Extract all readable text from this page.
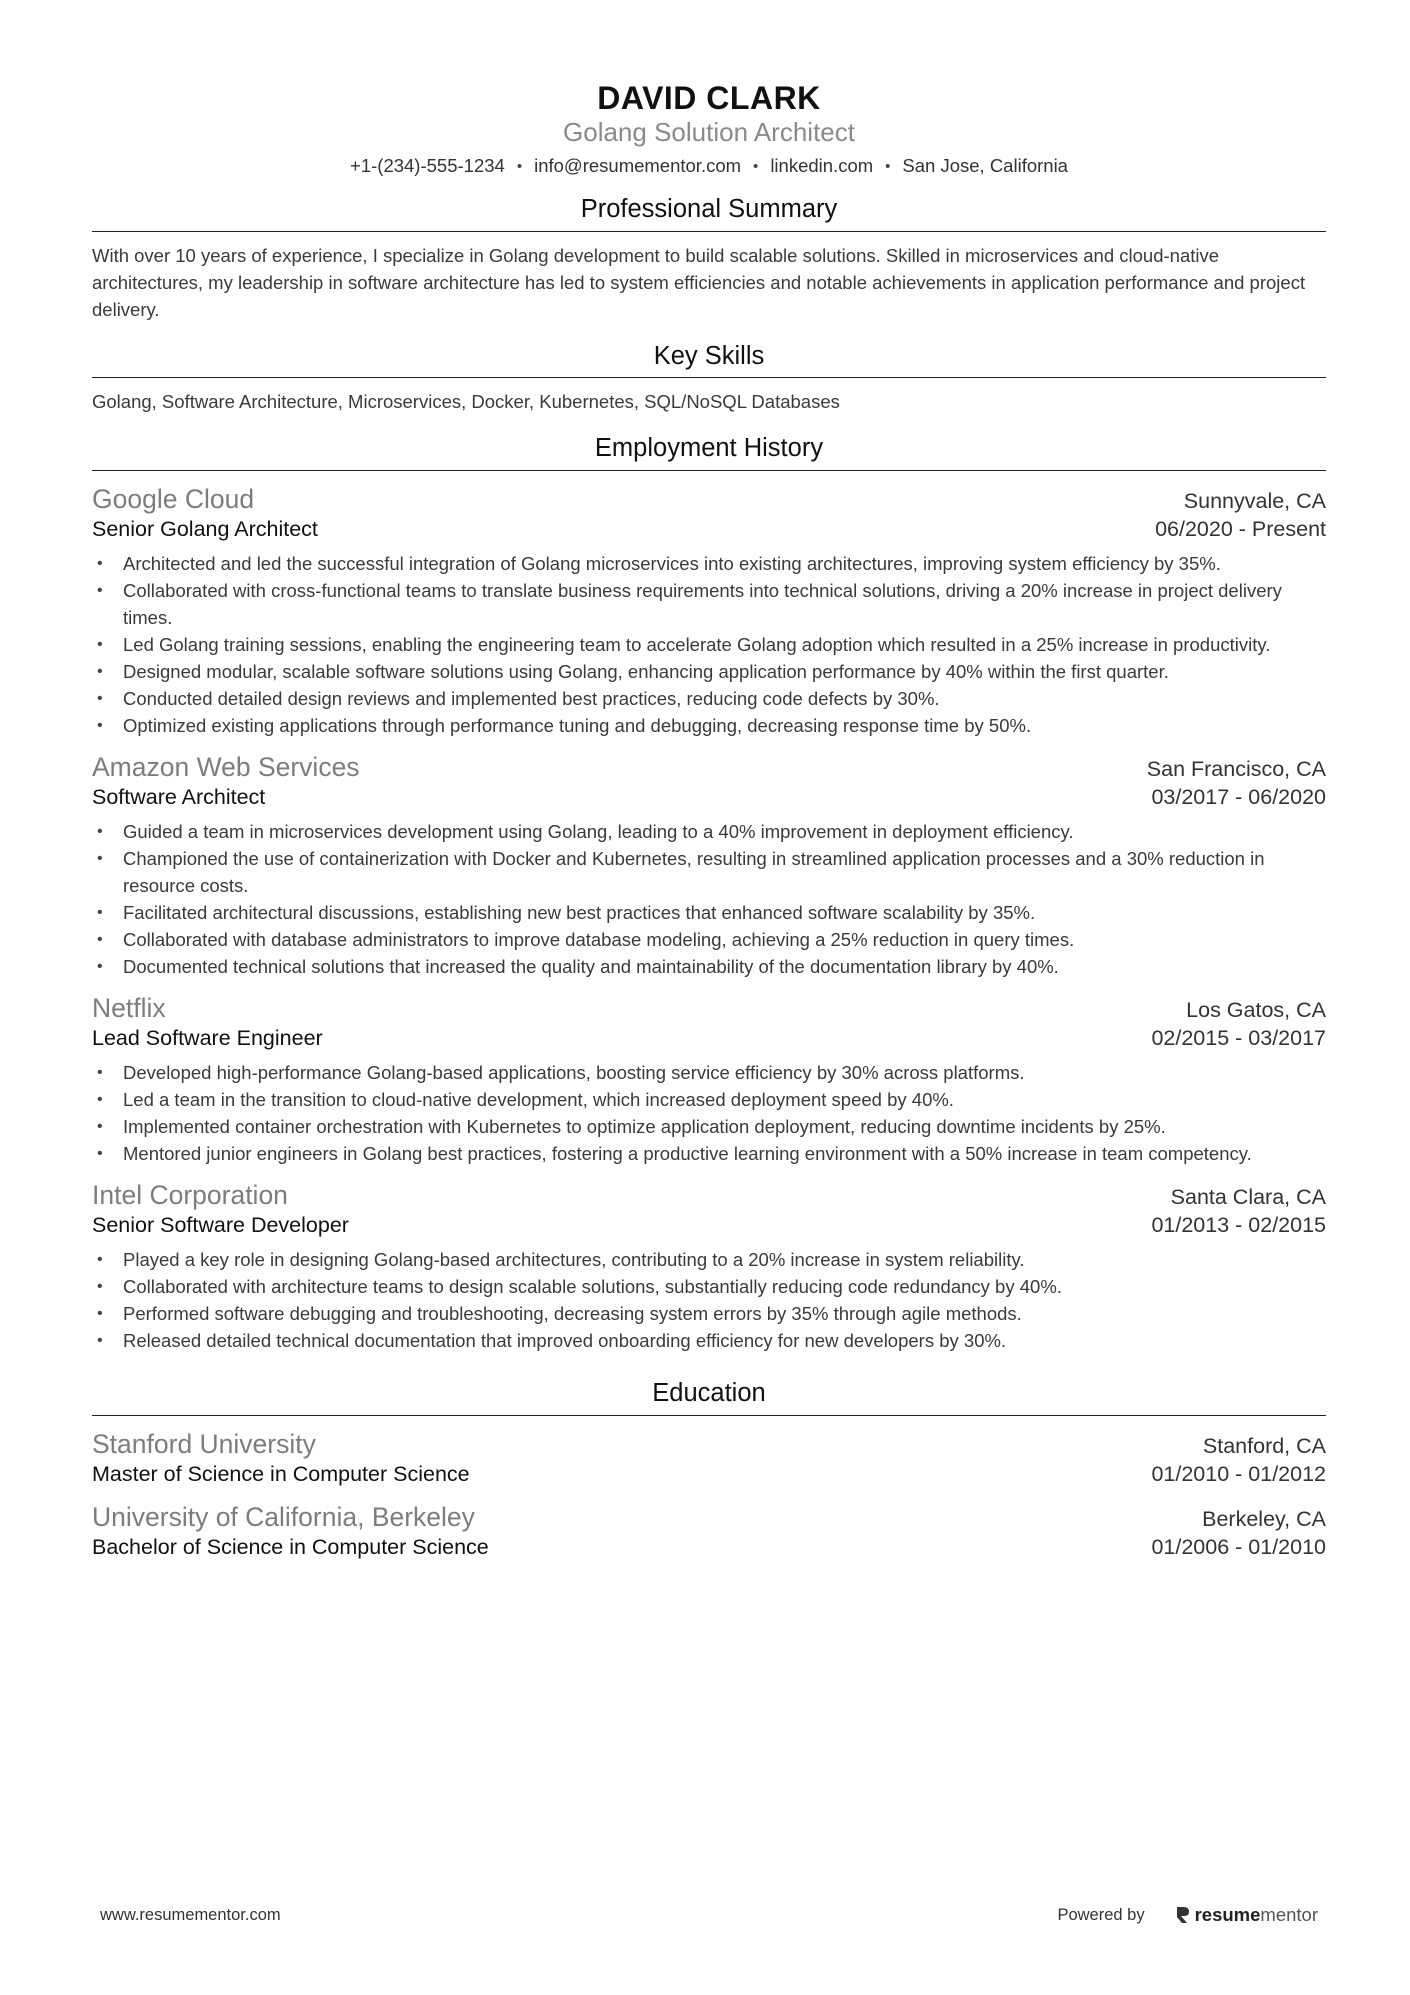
DAVID CLARK
Golang Solution Architect
+1-(234)-555-1234 • info@resumementor.com • linkedin.com • San Jose, California
Professional Summary
With over 10 years of experience, I specialize in Golang development to build scalable solutions. Skilled in microservices and cloud-native architectures, my leadership in software architecture has led to system efficiencies and notable achievements in application performance and project delivery.
Key Skills
Golang, Software Architecture, Microservices, Docker, Kubernetes, SQL/NoSQL Databases
Employment History
Google Cloud	Sunnyvale, CA
Senior Golang Architect	06/2020 - Present
• Architected and led the successful integration of Golang microservices into existing architectures, improving system efficiency by 35%.
• Collaborated with cross-functional teams to translate business requirements into technical solutions, driving a 20% increase in project delivery times.
• Led Golang training sessions, enabling the engineering team to accelerate Golang adoption which resulted in a 25% increase in productivity.
• Designed modular, scalable software solutions using Golang, enhancing application performance by 40% within the first quarter.
• Conducted detailed design reviews and implemented best practices, reducing code defects by 30%.
• Optimized existing applications through performance tuning and debugging, decreasing response time by 50%.
Amazon Web Services	San Francisco, CA
Software Architect	03/2017 - 06/2020
• Guided a team in microservices development using Golang, leading to a 40% improvement in deployment efficiency.
• Championed the use of containerization with Docker and Kubernetes, resulting in streamlined application processes and a 30% reduction in resource costs.
• Facilitated architectural discussions, establishing new best practices that enhanced software scalability by 35%.
• Collaborated with database administrators to improve database modeling, achieving a 25% reduction in query times.
• Documented technical solutions that increased the quality and maintainability of the documentation library by 40%.
Netflix	Los Gatos, CA
Lead Software Engineer	02/2015 - 03/2017
• Developed high-performance Golang-based applications, boosting service efficiency by 30% across platforms.
• Led a team in the transition to cloud-native development, which increased deployment speed by 40%.
• Implemented container orchestration with Kubernetes to optimize application deployment, reducing downtime incidents by 25%.
• Mentored junior engineers in Golang best practices, fostering a productive learning environment with a 50% increase in team competency.
Intel Corporation	Santa Clara, CA
Senior Software Developer	01/2013 - 02/2015
• Played a key role in designing Golang-based architectures, contributing to a 20% increase in system reliability.
• Collaborated with architecture teams to design scalable solutions, substantially reducing code redundancy by 40%.
• Performed software debugging and troubleshooting, decreasing system errors by 35% through agile methods.
• Released detailed technical documentation that improved onboarding efficiency for new developers by 30%.
Education
Stanford University	Stanford, CA
Master of Science in Computer Science	01/2010 - 01/2012
University of California, Berkeley	Berkeley, CA
Bachelor of Science in Computer Science	01/2006 - 01/2010
www.resumementor.com	Powered by	resume mentor
